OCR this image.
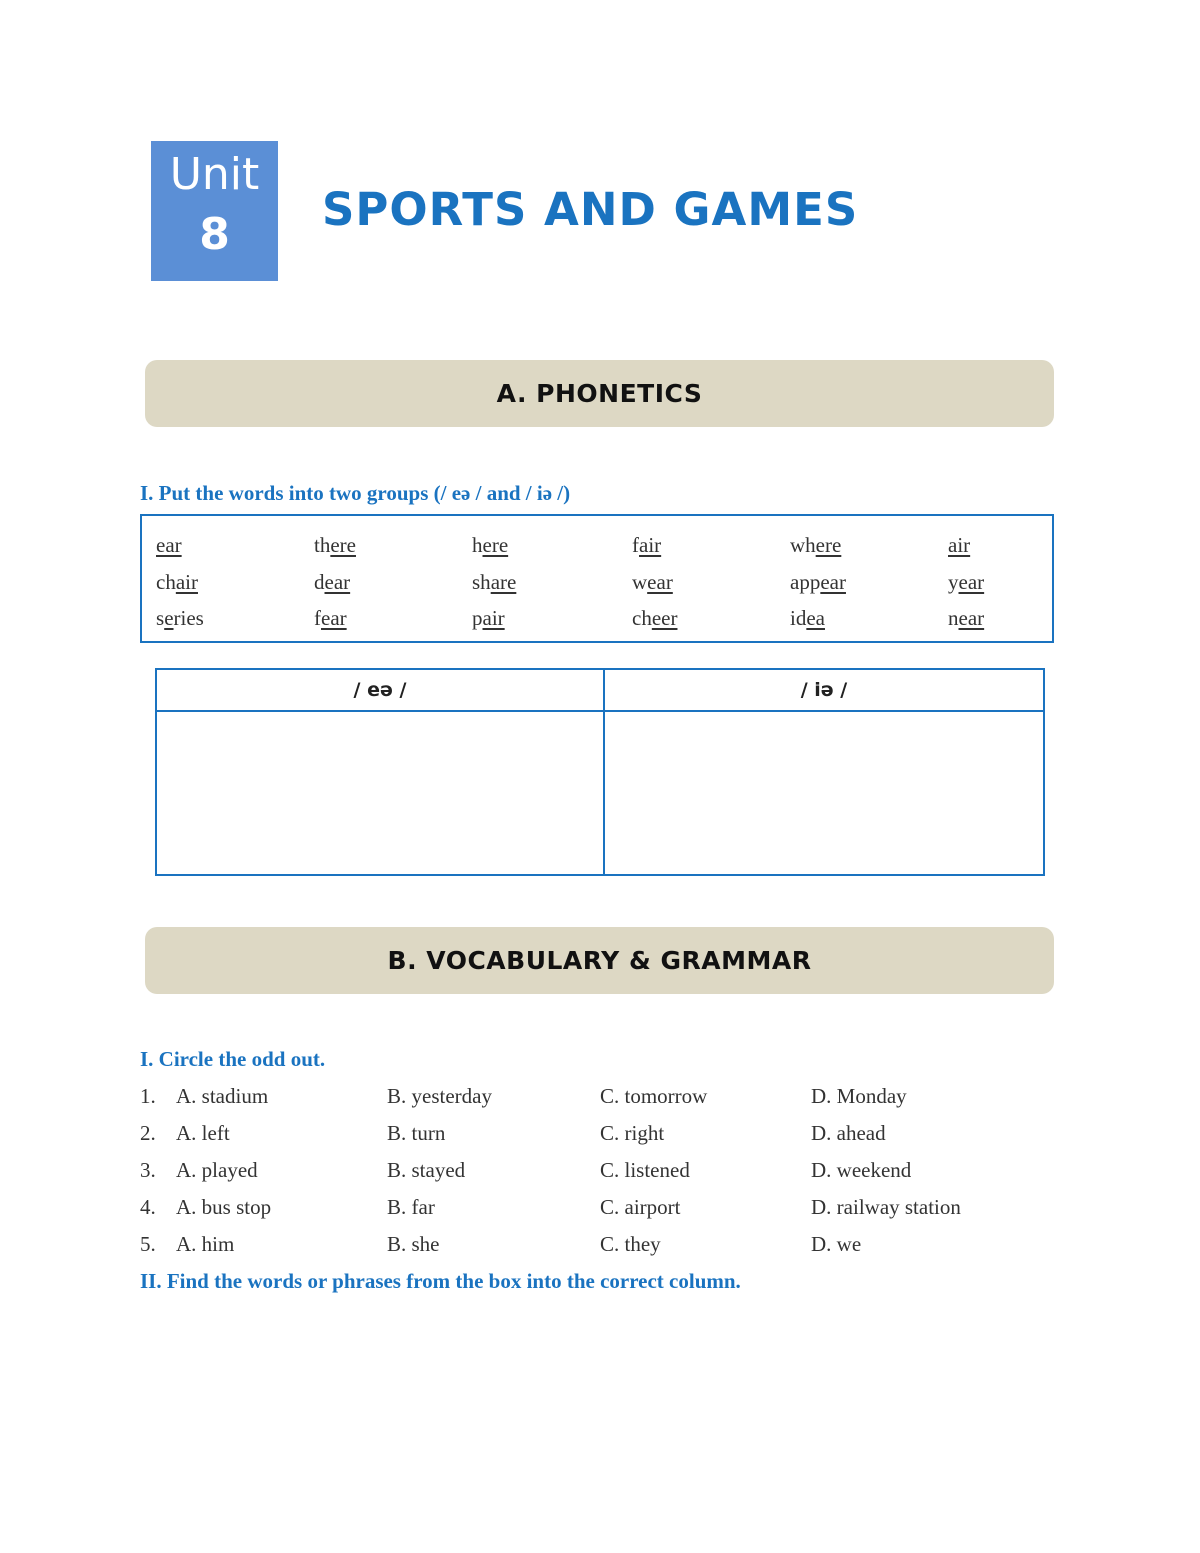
Unit
8	SPORTS AND GAMES
A. PHONETICS
I. Put the words into two groups (/ eə / and / iə /)
ear	there	here	fair	where	air
chair	dear	share	wear	appear	year
series	fear	pair	cheer	idea	near
/ eə /	/ iə /
B. VOCABULARY & GRAMMAR
I. Circle the odd out.
1. A. stadium	B. yesterday	C. tomorrow	D. Monday
2. A. left	B. turn	C. right	D. ahead
3. A. played	B. stayed	C. listened	D. weekend
4. A. bus stop	B. far	C. airport	D. railway station
5. A. him	B. she	C. they	D. we
II. Find the words or phrases from the box into the correct column.
